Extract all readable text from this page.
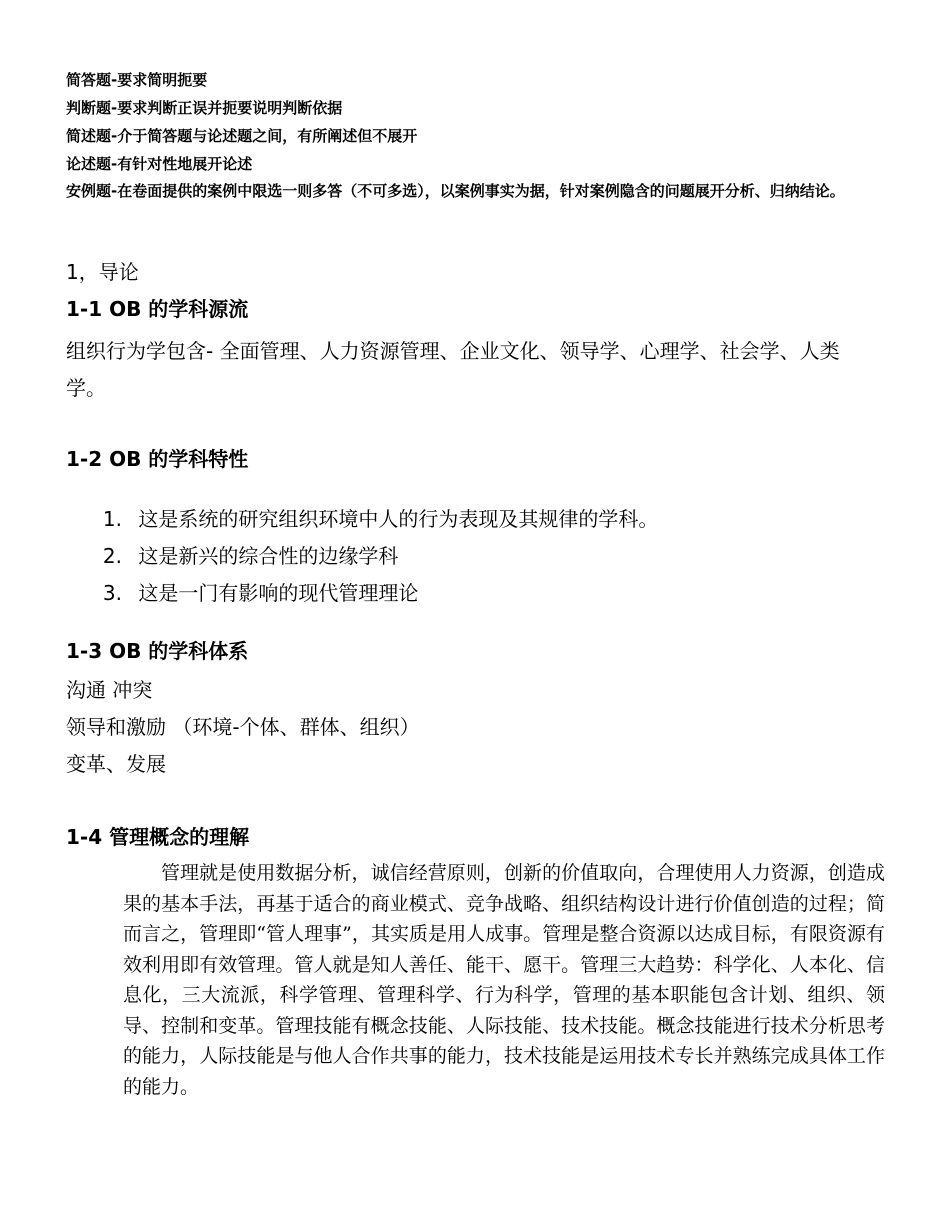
简答题-要求简明扼要
判断题-要求判断正误并扼要说明判断依据
简述题-介于简答题与论述题之间，有所阐述但不展开
论述题-有针对性地展开论述
安例题-在卷面提供的案例中限选一则多答（不可多选），以案例事实为据，针对案例隐含的问题展开分析、归纳结论。
1，导论
1-1 OB 的学科源流
组织行为学包含- 全面管理、人力资源管理、企业文化、领导学、心理学、社会学、人类学。
1-2 OB 的学科特性
1. 这是系统的研究组织环境中人的行为表现及其规律的学科。
2. 这是新兴的综合性的边缘学科
3. 这是一门有影响的现代管理理论
1-3 OB 的学科体系
沟通 冲突
领导和激励 （环境-个体、群体、组织）
变革、发展
1-4 管理概念的理解
管理就是使用数据分析，诚信经营原则，创新的价值取向，合理使用人力资源，创造成果的基本手法，再基于适合的商业模式、竞争战略、组织结构设计进行价值创造的过程；简而言之，管理即“管人理事”，其实质是用人成事。管理是整合资源以达成目标，有限资源有效利用即有效管理。管人就是知人善任、能干、愿干。管理三大趋势：科学化、人本化、信息化，三大流派，科学管理、管理科学、行为科学，管理的基本职能包含计划、组织、领导、控制和变革。管理技能有概念技能、人际技能、技术技能。概念技能进行技术分析思考的能力，人际技能是与他人合作共事的能力，技术技能是运用技术专长并熟练完成具体工作的能力。
